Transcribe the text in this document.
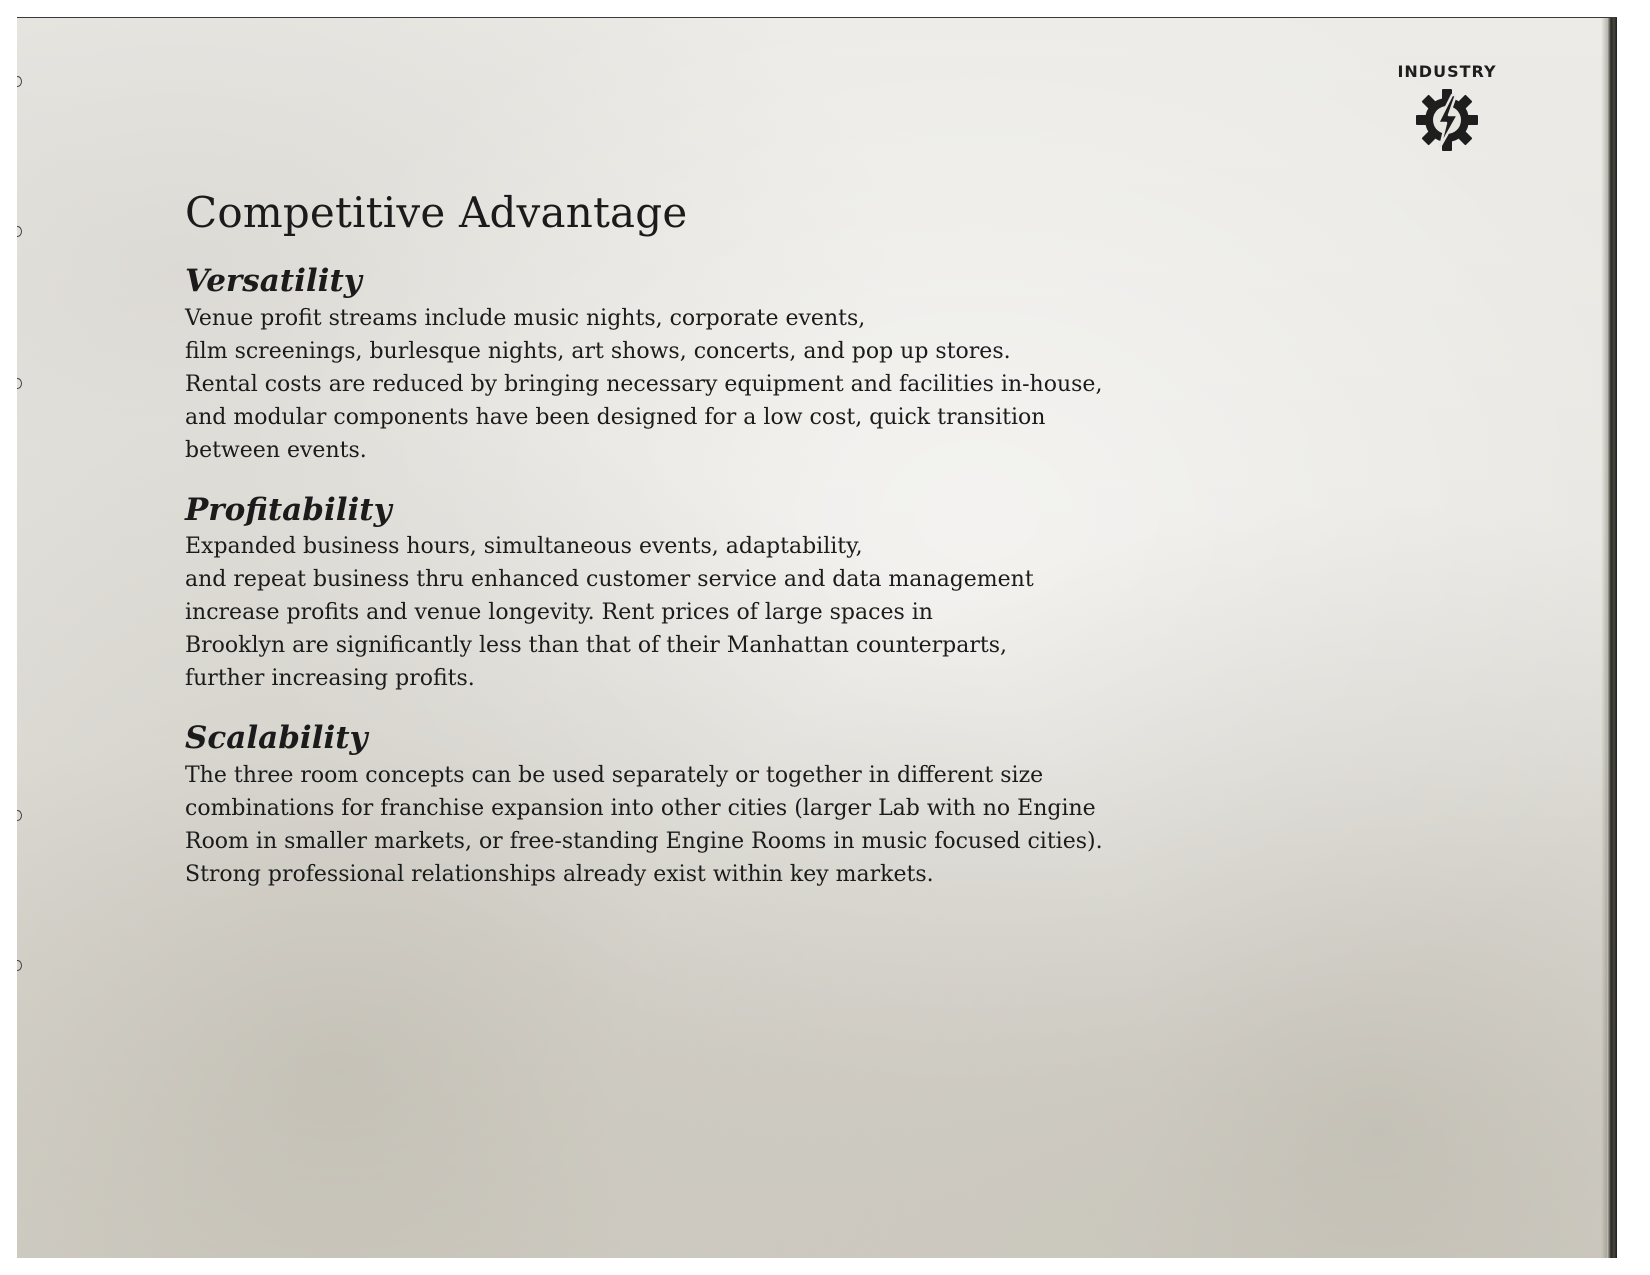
INDUSTRY
Competitive Advantage
Versatility

Venue profit streams include music nights, corporate events,
film screenings, burlesque nights, art shows, concerts, and pop up stores.
Rental costs are reduced by bringing necessary equipment and facilities in-house,
and modular components have been designed for a low cost, quick transition
between events.

Profitability

Expanded business hours, simultaneous events, adaptability,
and repeat business thru enhanced customer service and data management
increase profits and venue longevity. Rent prices of large spaces in
Brooklyn are significantly less than that of their Manhattan counterparts,
further increasing profits.

Scalability

The three room concepts can be used separately or together in different size
combinations for franchise expansion into other cities (larger Lab with no Engine
Room in smaller markets, or free-standing Engine Rooms in music focused cities).
Strong professional relationships already exist within key markets.
